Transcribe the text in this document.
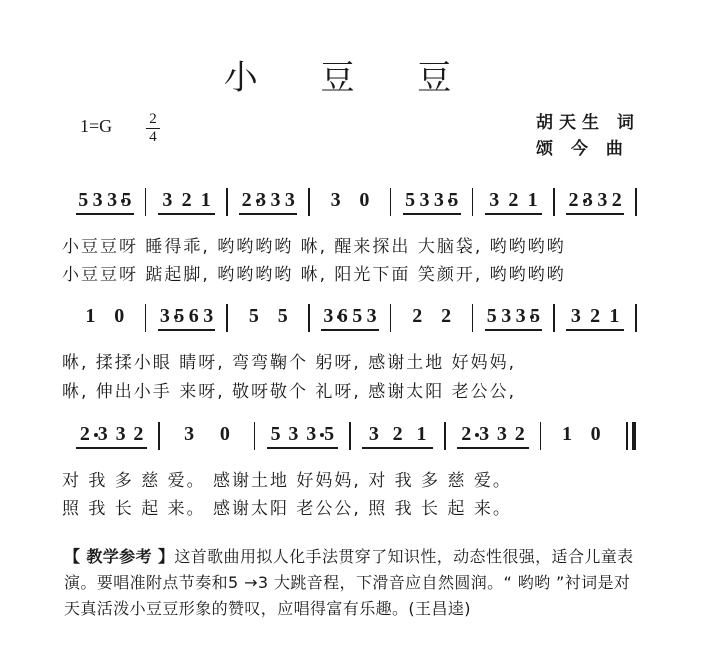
小 豆 豆
1=G 2
4
胡天生 词
颂 今 曲
5 3 3 5 3 2 1 2 3 3 3 3 0 5 3 3 5 3 2 1 2 3 3 2
小豆豆呀 睡得乖, 哟哟哟哟 咻, 醒来探出 大脑袋, 哟哟哟哟
小豆豆呀 踮起脚, 哟哟哟哟 咻, 阳光下面 笑颜开, 哟哟哟哟
1 0 3 5 6 3 5 5 3 6 5 3 2 2 5 3 3 5 3 2 1
咻, 揉揉小眼 睛呀, 弯弯鞠个 躬呀, 感谢土地 好妈妈,
咻, 伸出小手 来呀, 敬呀敬个 礼呀, 感谢太阳 老公公,
2 3 3 2 3 0 5 3 3 5 3 2 1 2 3 3 2 1 0
对 我 多 慈 爱。 感谢土地 好妈妈, 对 我 多 慈 爱。
照 我 长 起 来。 感谢太阳 老公公, 照 我 长 起 来。
【 教学参考 】这首歌曲用拟人化手法贯穿了知识性，动态性很强，适合儿童表演。要唱准附点节奏和5 →3 大跳音程，下滑音应自然圆润。“ 哟哟 ”衬词是对天真活泼小豆豆形象的赞叹，应唱得富有乐趣。(王昌逵)
